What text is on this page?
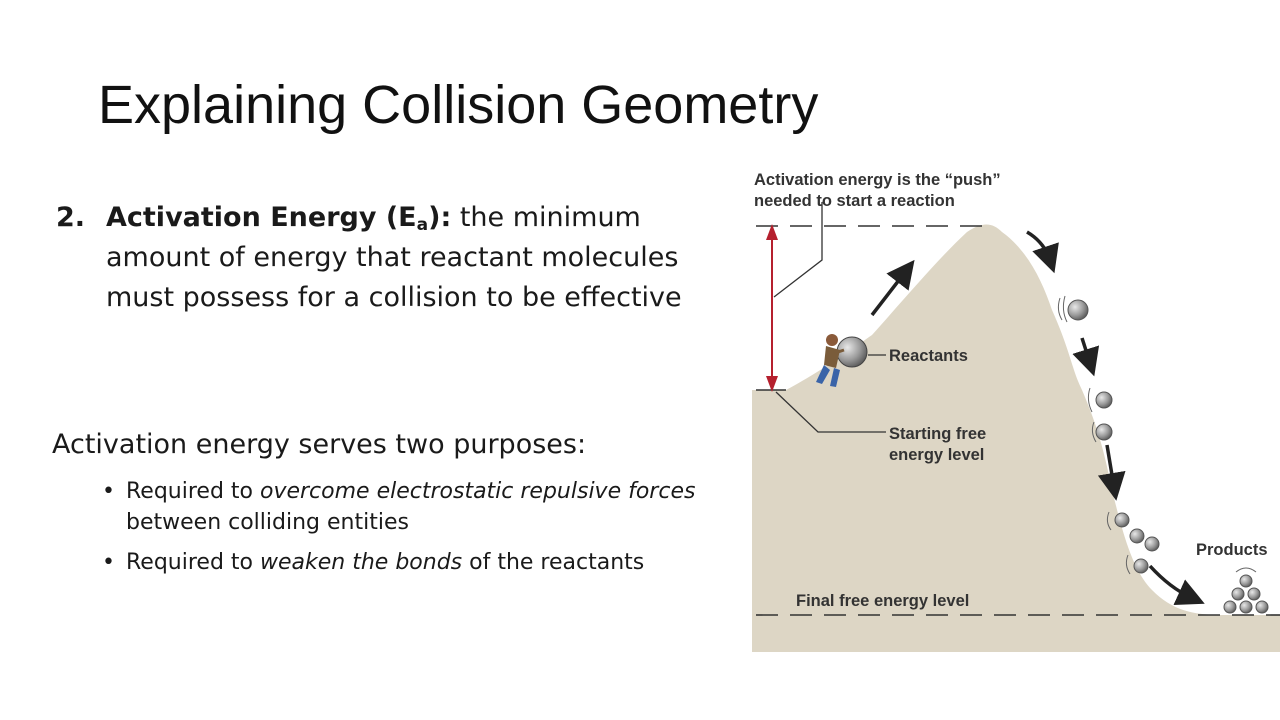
Explaining Collision Geometry
2. Activation Energy $(E_a)$: the minimum amount of energy that reactant molecules must possess for a collision to be effective
Activation energy serves two purposes:
• Required to overcome electrostatic repulsive forces between colliding entities
• Required to weaken the bonds of the reactants
Activation energy is the “push”
needed to start a reaction
Reactants
Starting free
energy level
Products
Final free energy level
